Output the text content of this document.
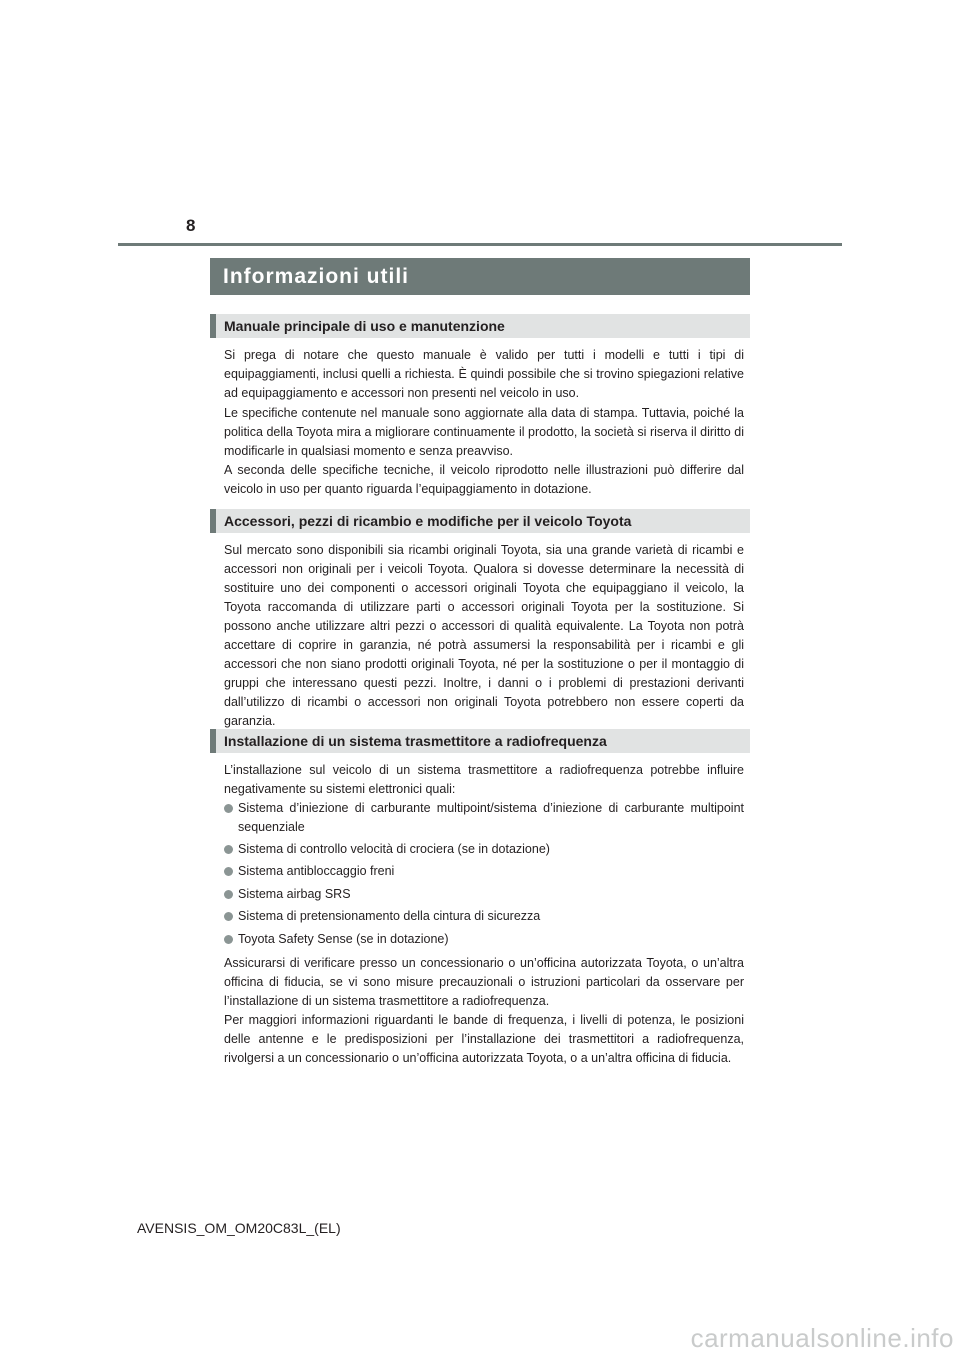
8
Informazioni utili
Manuale principale di uso e manutenzione

Si prega di notare che questo manuale è valido per tutti i modelli e tutti i tipi di equipaggiamenti, inclusi quelli a richiesta. È quindi possibile che si trovino spiegazioni relative ad equipaggiamento e accessori non presenti nel veicolo in uso.

Le specifiche contenute nel manuale sono aggiornate alla data di stampa. Tuttavia, poiché la politica della Toyota mira a migliorare continuamente il prodotto, la società si riserva il diritto di modificarle in qualsiasi momento e senza preavviso.

A seconda delle specifiche tecniche, il veicolo riprodotto nelle illustrazioni può differire dal veicolo in uso per quanto riguarda l’equipaggiamento in dotazione.

Accessori, pezzi di ricambio e modifiche per il veicolo Toyota

Sul mercato sono disponibili sia ricambi originali Toyota, sia una grande varietà di ricambi e accessori non originali per i veicoli Toyota. Qualora si dovesse determinare la necessità di sostituire uno dei componenti o accessori originali Toyota che equipaggiano il veicolo, la Toyota raccomanda di utilizzare parti o accessori originali Toyota per la sostituzione. Si possono anche utilizzare altri pezzi o accessori di qualità equivalente. La Toyota non potrà accettare di coprire in garanzia, né potrà assumersi la responsabilità per i ricambi e gli accessori che non siano prodotti originali Toyota, né per la sostituzione o per il montaggio di gruppi che interessano questi pezzi. Inoltre, i danni o i problemi di prestazioni derivanti dall’utilizzo di ricambi o accessori non originali Toyota potrebbero non essere coperti da garanzia.

Installazione di un sistema trasmettitore a radiofrequenza

L’installazione sul veicolo di un sistema trasmettitore a radiofrequenza potrebbe influire negativamente su sistemi elettronici quali:

Sistema d’iniezione di carburante multipoint/sistema d’iniezione di carburante multipoint sequenziale
Sistema di controllo velocità di crociera (se in dotazione)
Sistema antibloccaggio freni
Sistema airbag SRS
Sistema di pretensionamento della cintura di sicurezza
Toyota Safety Sense (se in dotazione)

Assicurarsi di verificare presso un concessionario o un’officina autorizzata Toyota, o un’altra officina di fiducia, se vi sono misure precauzionali o istruzioni particolari da osservare per l’installazione di un sistema trasmettitore a radiofrequenza.

Per maggiori informazioni riguardanti le bande di frequenza, i livelli di potenza, le posizioni delle antenne e le predisposizioni per l’installazione dei trasmettitori a radiofrequenza, rivolgersi a un concessionario o un’officina autorizzata Toyota, o a un’altra officina di fiducia.

AVENSIS_OM_OM20C83L_(EL)
carmanualsonline.info
